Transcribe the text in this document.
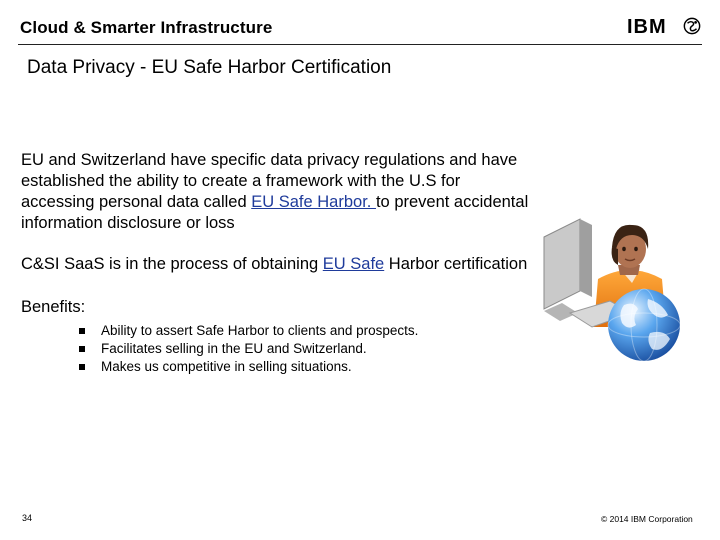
Cloud & Smarter Infrastructure	IBM
Data Privacy - EU Safe Harbor Certification

EU and Switzerland have specific data privacy regulations and have established the ability to create a framework with the U.S for accessing personal data called EU Safe Harbor. to prevent accidental information disclosure or loss

C&SI SaaS is in the process of obtaining EU Safe Harbor certification

Benefits:

Ability to assert Safe Harbor to clients and prospects.
Facilitates selling in the EU and Switzerland.
Makes us competitive in selling situations.
34	© 2014 IBM Corporation
